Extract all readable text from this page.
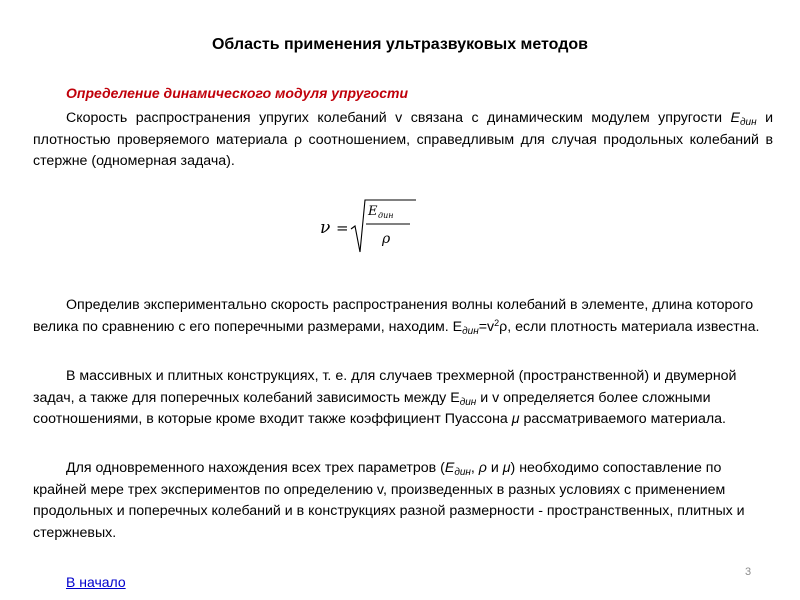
Область применения ультразвуковых методов
Определение динамического модуля упругости
Скорость распространения упругих колебаний v связана с динамическим модулем упругости $E_{дин}$ и плотностью проверяемого материала ρ соотношением, справедливым для случая продольных колебаний в стержне (одномерная задача).
ν =
E дин
ρ
Определив экспериментально скорость распространения волны колебаний в элементе, длина которого велика по сравнению с его поперечными размерами, находим. $E_{дин}=v^2\rho$, если плотность материала известна.
В массивных и плитных конструкциях, т. е. для случаев трехмерной (пространственной) и двумерной задач, а также для поперечных колебаний зависимость между $E_{дин}$ и v определяется более сложными соотношениями, в которые кроме входит также коэффициент Пуассона μ рассматриваемого материала.
Для одновременного нахождения всех трех параметров ($E_{дин}$, ρ и μ) необходимо сопоставление по крайней мере трех экспериментов по определению v, произведенных в разных условиях с применением продольных и поперечных колебаний и в конструкциях разной размерности - пространственных, плитных и стержневых.
3
В начало
